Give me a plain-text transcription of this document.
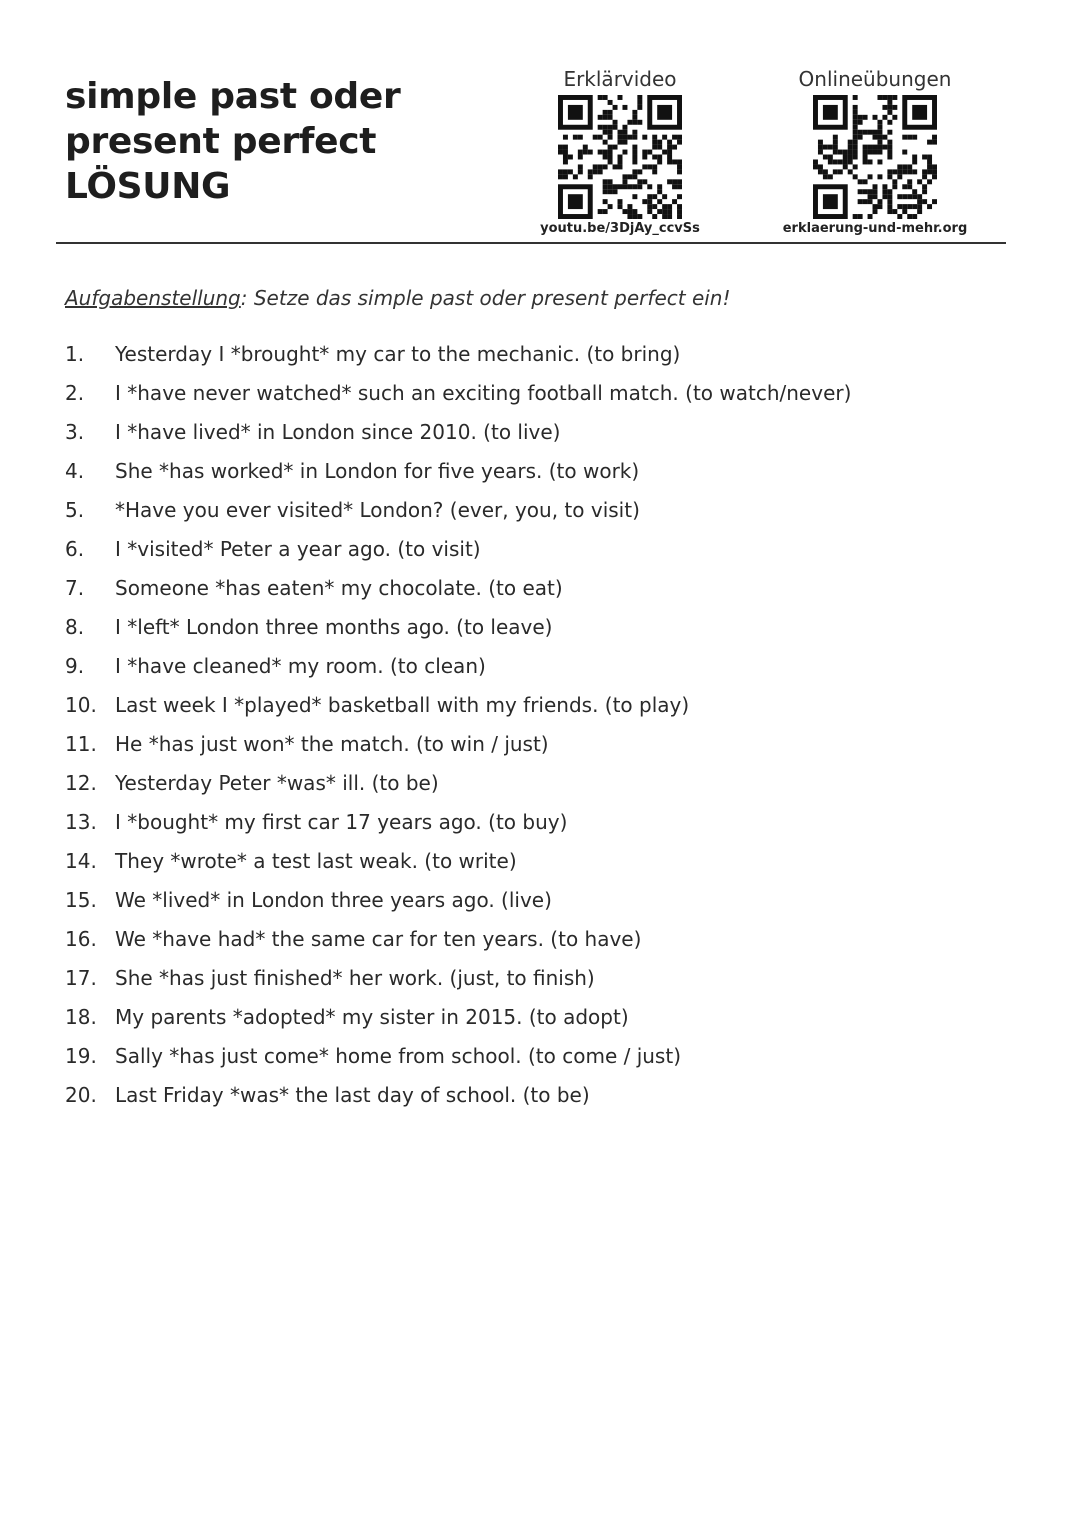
simple past oder
present perfect
LÖSUNG
Erklärvideo
youtu.be/3DjAy_ccvSs
Onlineübungen
erklaerung-und-mehr.org
Aufgabenstellung: Setze das simple past oder present perfect ein!
1.	Yesterday I *brought* my car to the mechanic. (to bring)
2.	I *have never watched* such an exciting football match. (to watch/never)
3.	I *have lived* in London since 2010. (to live)
4.	She *has worked* in London for five years. (to work)
5.	*Have you ever visited* London? (ever, you, to visit)
6.	I *visited* Peter a year ago. (to visit)
7.	Someone *has eaten* my chocolate. (to eat)
8.	I *left* London three months ago. (to leave)
9.	I *have cleaned* my room. (to clean)
10. Last week I *played* basketball with my friends. (to play)
11. He *has just won* the match. (to win / just)
12. Yesterday Peter *was* ill. (to be)
13. I *bought* my first car 17 years ago. (to buy)
14. They *wrote* a test last weak. (to write)
15. We *lived* in London three years ago. (live)
16. We *have had* the same car for ten years. (to have)
17. She *has just finished* her work. (just, to finish)
18. My parents *adopted* my sister in 2015. (to adopt)
19. Sally *has just come* home from school. (to come / just)
20. Last Friday *was* the last day of school. (to be)
